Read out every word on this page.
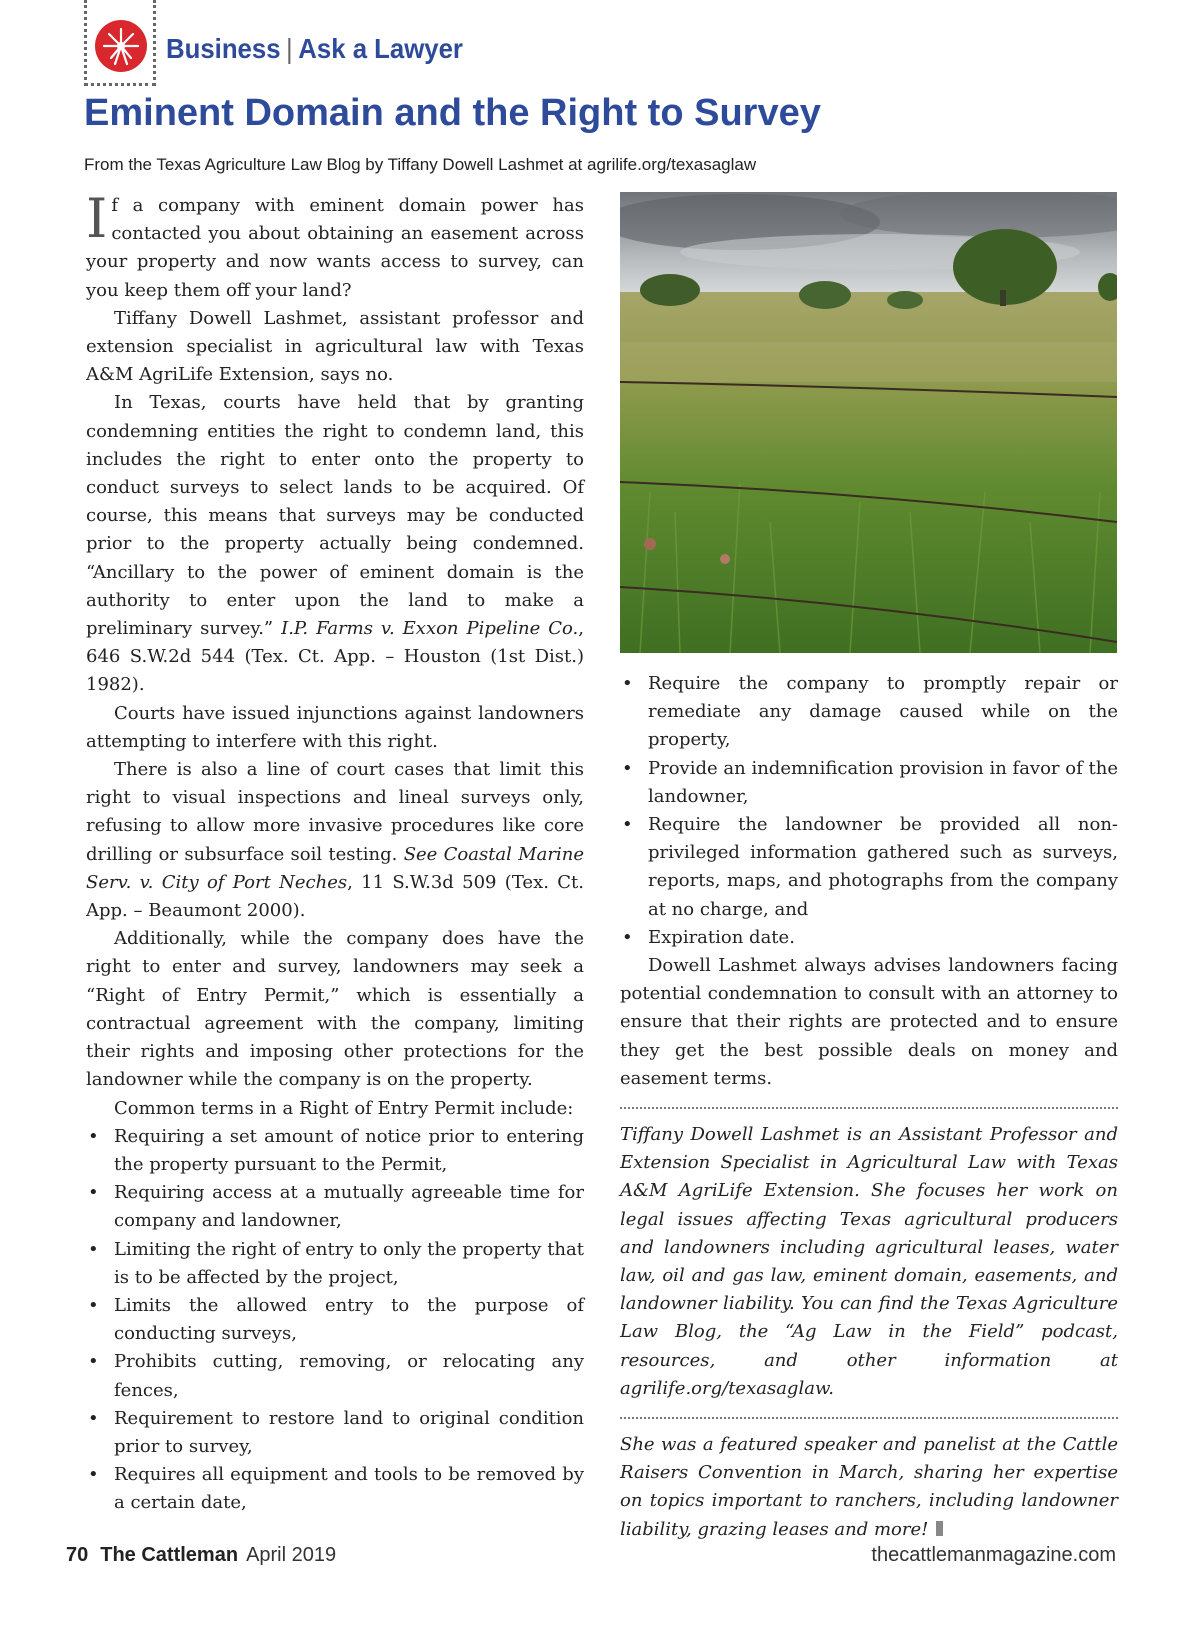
Business | Ask a Lawyer
Eminent Domain and the Right to Survey
From the Texas Agriculture Law Blog by Tiffany Dowell Lashmet at agrilife.org/texasaglaw

If a company with eminent domain power has contacted you about obtaining an easement across your property and now wants access to survey, can you keep them off your land?

Tiffany Dowell Lashmet, assistant professor and extension specialist in agricultural law with Texas A&M AgriLife Extension, says no.

In Texas, courts have held that by granting condemning entities the right to condemn land, this includes the right to enter onto the property to conduct surveys to select lands to be acquired. Of course, this means that surveys may be conducted prior to the property actually being condemned. “Ancillary to the power of eminent domain is the authority to enter upon the land to make a preliminary survey.” I.P. Farms v. Exxon Pipeline Co., 646 S.W.2d 544 (Tex. Ct. App. – Houston (1st Dist.) 1982).

Courts have issued injunctions against landowners attempting to interfere with this right.

There is also a line of court cases that limit this right to visual inspections and lineal surveys only, refusing to allow more invasive procedures like core drilling or subsurface soil testing. See Coastal Marine Serv. v. City of Port Neches, 11 S.W.3d 509 (Tex. Ct. App. – Beaumont 2000).

Additionally, while the company does have the right to enter and survey, landowners may seek a “Right of Entry Permit,” which is essentially a contractual agreement with the company, limiting their rights and imposing other protections for the landowner while the company is on the property.

Common terms in a Right of Entry Permit include:

• Requiring a set amount of notice prior to entering the property pursuant to the Permit,
• Requiring access at a mutually agreeable time for company and landowner,
• Limiting the right of entry to only the property that is to be affected by the project,
• Limits the allowed entry to the purpose of conducting surveys,
• Prohibits cutting, removing, or relocating any fences,
• Requirement to restore land to original condition prior to survey,
• Requires all equipment and tools to be removed by a certain date,
• Require the company to promptly repair or remediate any damage caused while on the property,
• Provide an indemnification provision in favor of the landowner,
• Require the landowner be provided all non-privileged information gathered such as surveys, reports, maps, and photographs from the company at no charge, and
• Expiration date.

Dowell Lashmet always advises landowners facing potential condemnation to consult with an attorney to ensure that their rights are protected and to ensure they get the best possible deals on money and easement terms.

Tiffany Dowell Lashmet is an Assistant Professor and Extension Specialist in Agricultural Law with Texas A&M AgriLife Extension. She focuses her work on legal issues affecting Texas agricultural producers and landowners including agricultural leases, water law, oil and gas law, eminent domain, easements, and landowner liability. You can find the Texas Agriculture Law Blog, the “Ag Law in the Field” podcast, resources, and other information at agrilife.org/texasaglaw.

She was a featured speaker and panelist at the Cattle Raisers Convention in March, sharing her expertise on topics important to ranchers, including landowner liability, grazing leases and more!

70 The Cattleman April 2019	thecattlemanmagazine.com
